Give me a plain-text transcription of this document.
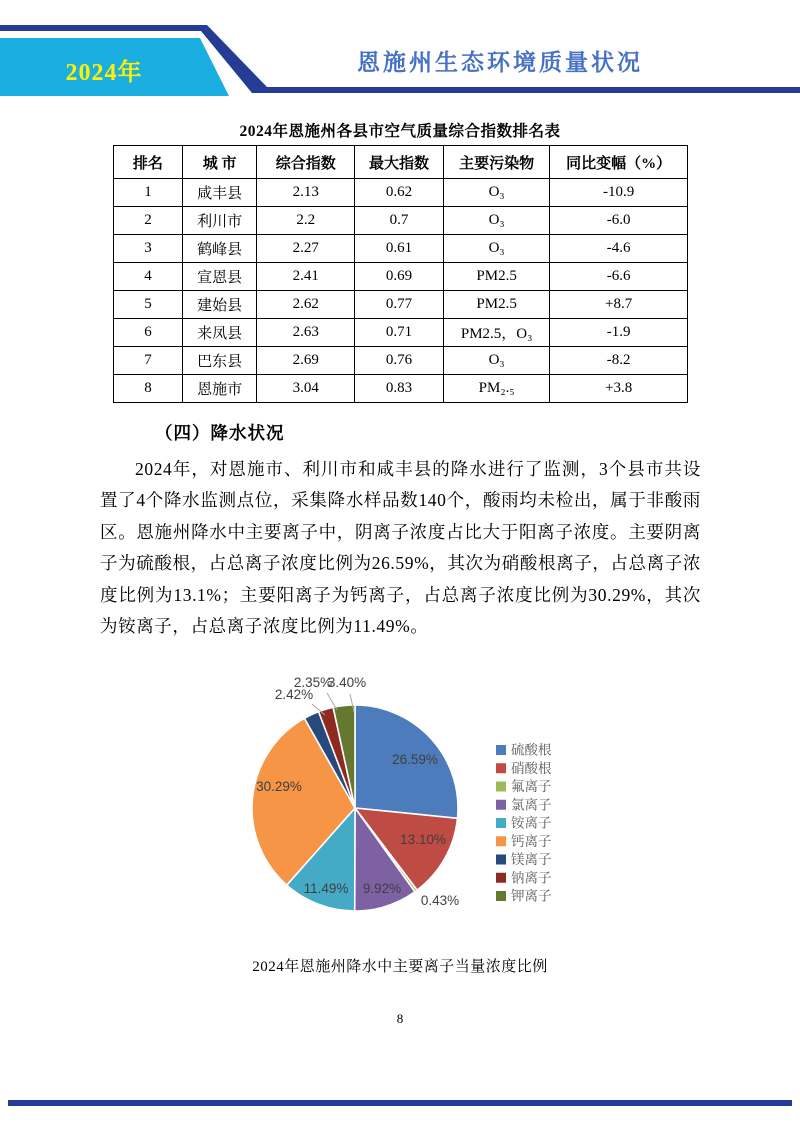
2024年	恩施州生态环境质量状况
2024年恩施州各县市空气质量综合指数排名表
排名	城 市	综合指数	最大指数	主要污染物	同比变幅（%）
1	咸丰县	2.13	0.62	O₃	-10.9
2	利川市	2.2	0.7	O₃	-6.0
3	鹤峰县	2.27	0.61	O₃	-4.6
4	宣恩县	2.41	0.69	PM2.5	-6.6
5	建始县	2.62	0.77	PM2.5	+8.7
6	来凤县	2.63	0.71	PM2.5，O₃	-1.9
7	巴东县	2.69	0.76	O₃	-8.2
8	恩施市	3.04	0.83	PM₂.₅	+3.8
（四）降水状况
2024年，对恩施市、利川市和咸丰县的降水进行了监测，3个县市共设置了4个降水监测点位，采集降水样品数140个，酸雨均未检出，属于非酸雨区。恩施州降水中主要离子中，阴离子浓度占比大于阳离子浓度。主要阴离子为硫酸根，占总离子浓度比例为26.59%，其次为硝酸根离子，占总离子浓度比例为13.1%；主要阳离子为钙离子，占总离子浓度比例为30.29%，其次为铵离子，占总离子浓度比例为11.49%。
26.59%
13.10%
0.43%
9.92%
11.49%
30.29%
2.42%
2.35%
3.40%
硫酸根
硝酸根
氟离子
氯离子
铵离子
钙离子
镁离子
钠离子
钾离子
2024年恩施州降水中主要离子当量浓度比例
8
